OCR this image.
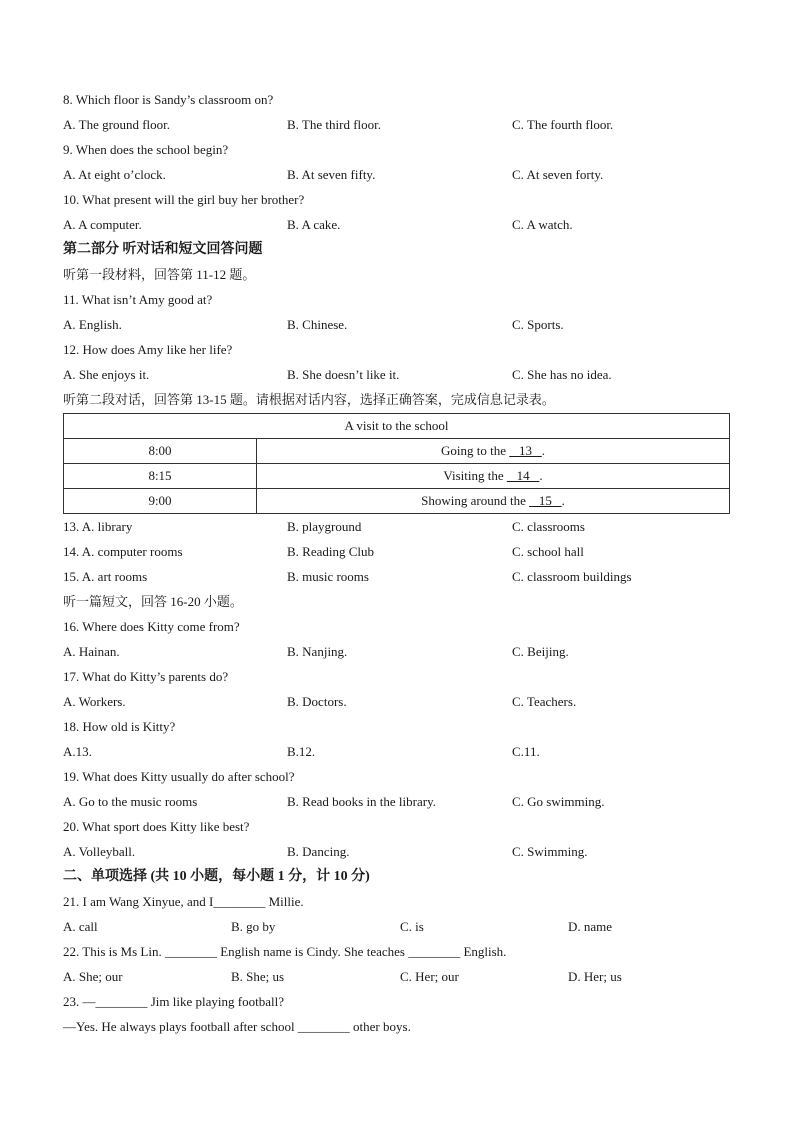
8. Which floor is Sandy’s classroom on?
A. The ground floor.	B. The third floor.	C. The fourth floor.
9. When does the school begin?
A. At eight o’clock.	B. At seven fifty.	C. At seven forty.
10. What present will the girl buy her brother?
A. A computer.	B. A cake.	C. A watch.
第二部分 听对话和短文回答问题
听第一段材料，回答第 11-12 题。
11. What isn’t Amy good at?
A. English.	B. Chinese.	C. Sports.
12. How does Amy like her life?
A. She enjoys it.	B. She doesn’t like it.	C. She has no idea.
听第二段对话，回答第 13-15 题。请根据对话内容，选择正确答案，完成信息记录表。
A visit to the school	
8:00	Going to the    13   .
8:15	Visiting the    14   .
9:00	Showing around the    15   .
13. A. library	B. playground	C. classrooms
14. A. computer rooms	B. Reading Club	C. school hall
15. A. art rooms	B. music rooms	C. classroom buildings
听一篇短文，回答 16-20 小题。
16. Where does Kitty come from?
A. Hainan.	B. Nanjing.	C. Beijing.
17. What do Kitty’s parents do?
A. Workers.	B. Doctors.	C. Teachers.
18. How old is Kitty?
A.13.	B.12.	C.11.
19. What does Kitty usually do after school?
A. Go to the music rooms	B. Read books in the library.	C. Go swimming.
20. What sport does Kitty like best?
A. Volleyball.	B. Dancing.	C. Swimming.
二、单项选择 (共 10 小题，每小题 1 分，计 10 分)
21. I am Wang Xinyue, and I________ Millie.
A. call	B. go by	C. is	D. name
22. This is Ms Lin. ________ English name is Cindy. She teaches ________ English.
A. She; our	B. She; us	C. Her; our	D. Her; us
23. —________ Jim like playing football?
—Yes. He always plays football after school ________ other boys.
